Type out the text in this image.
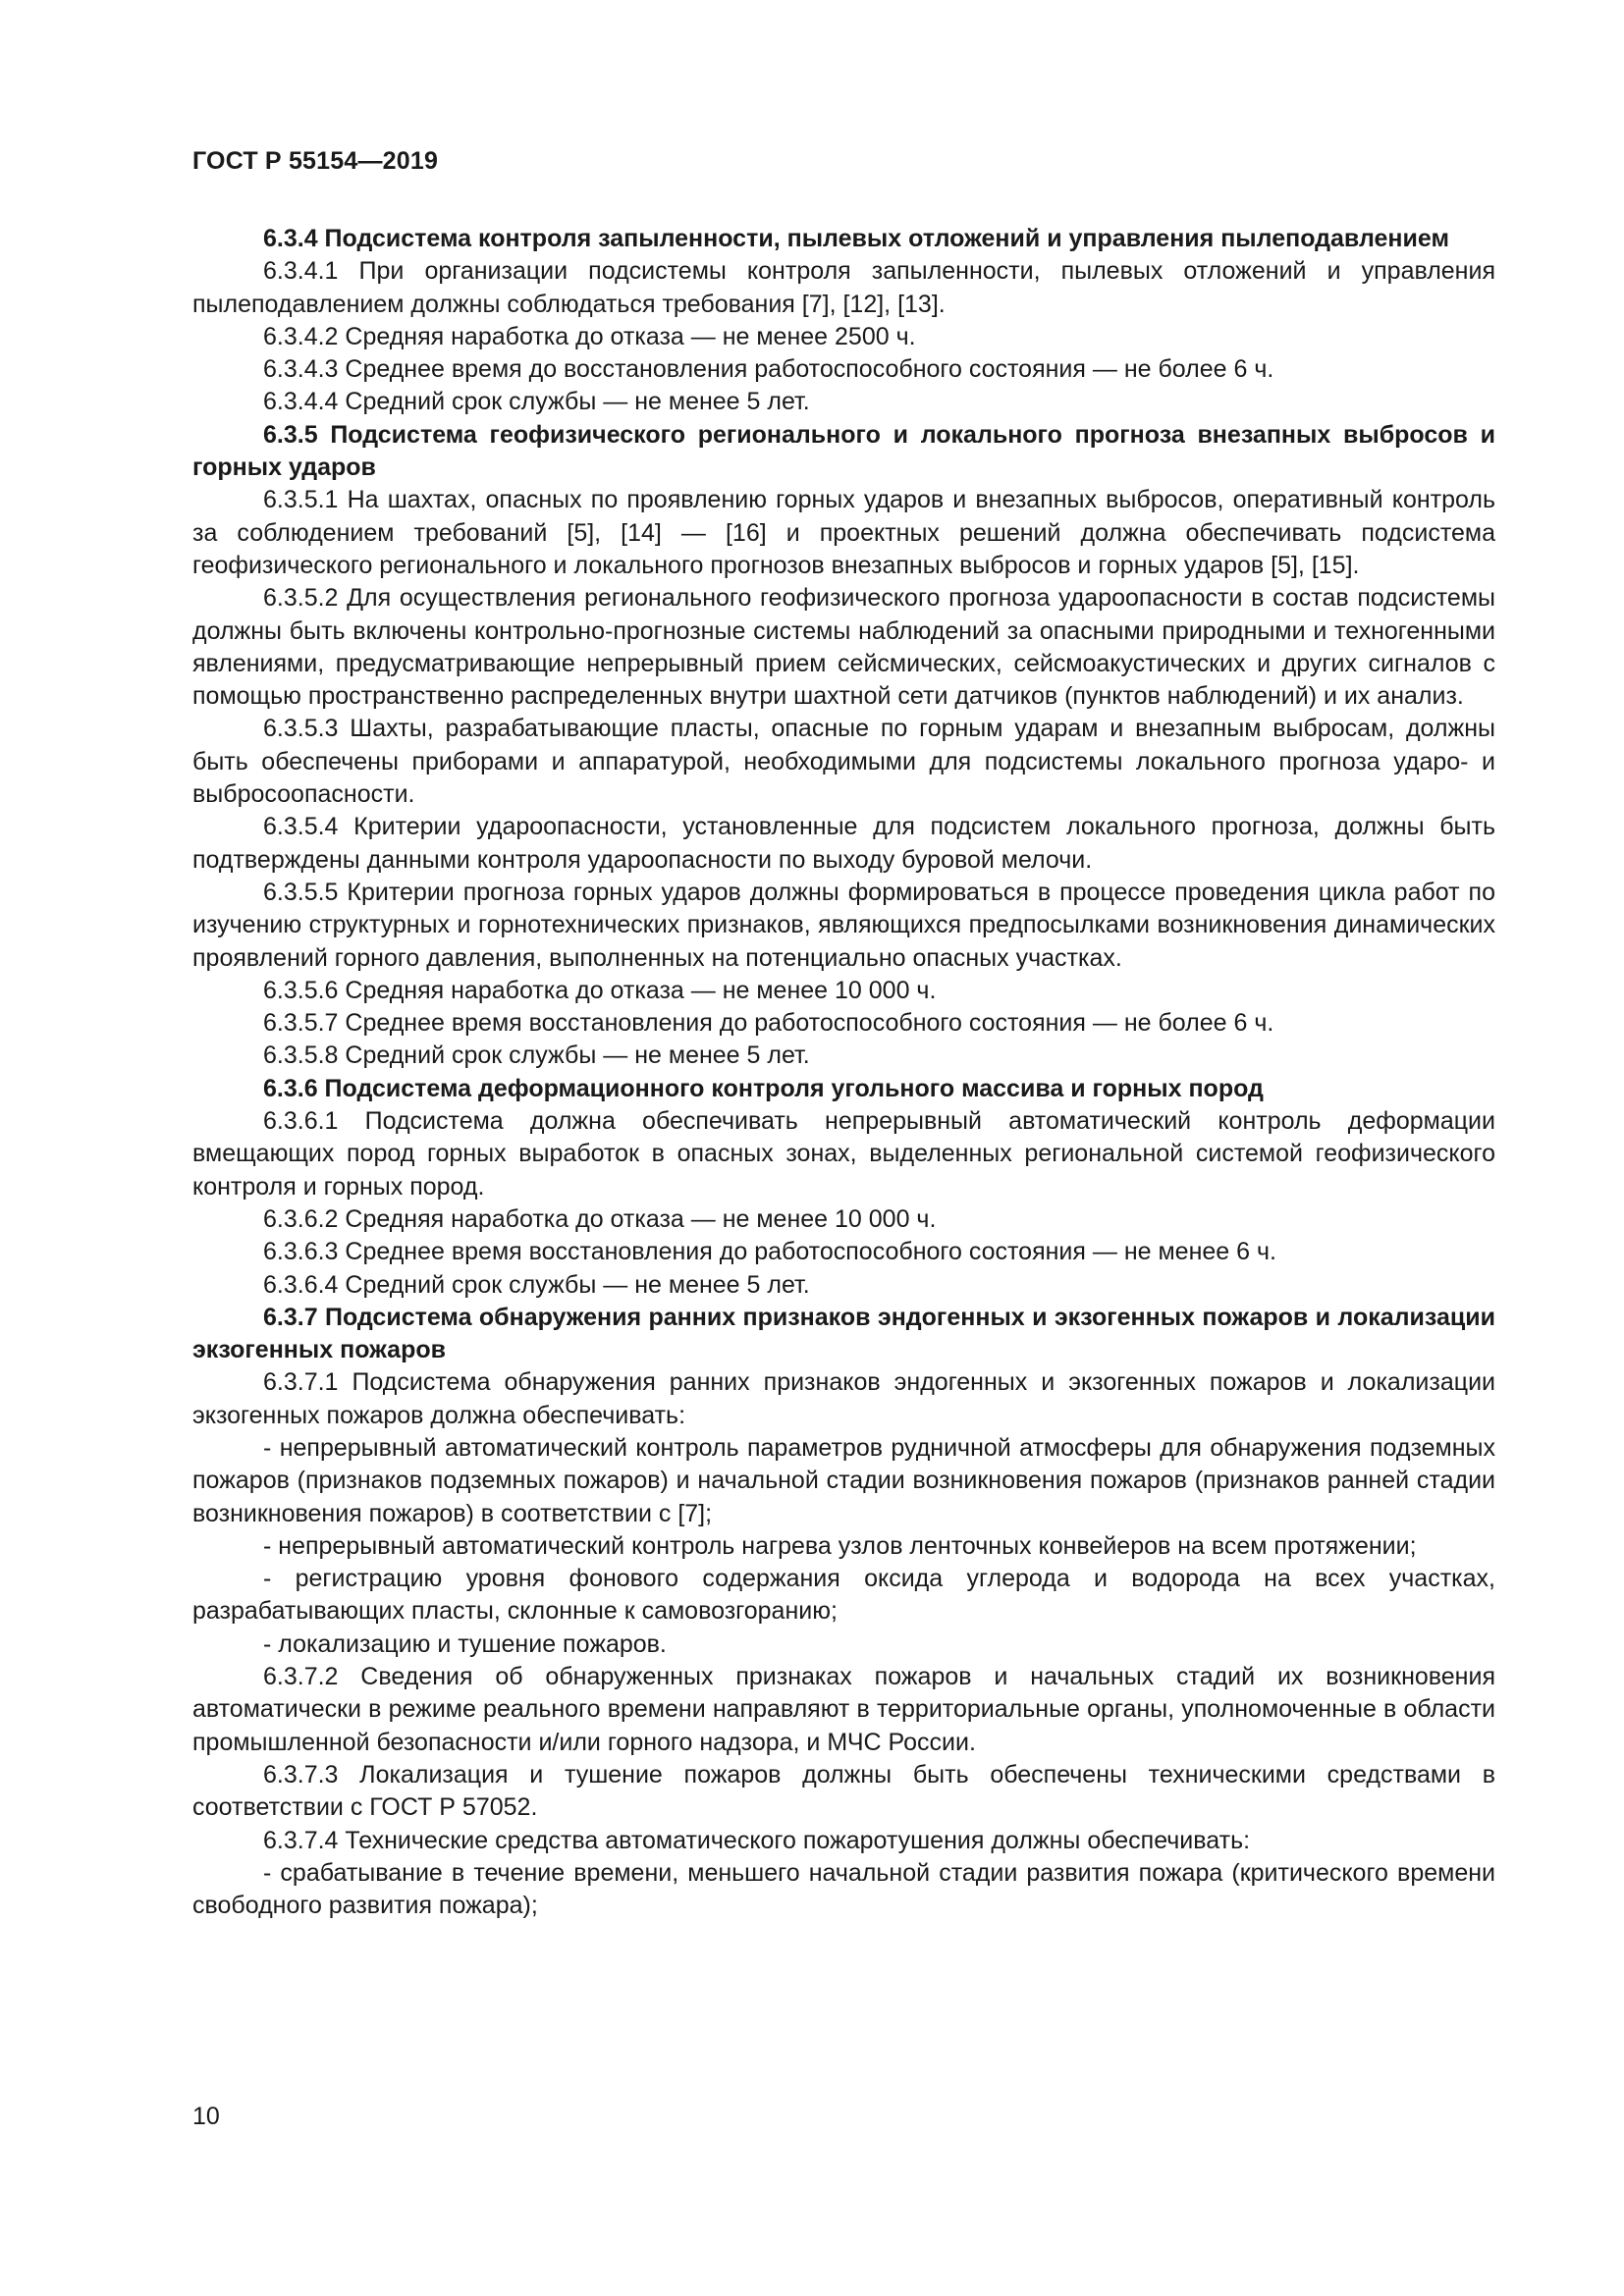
ГОСТ Р 55154—2019

6.3.4 Подсистема контроля запыленности, пылевых отложений и управления пылеподавлением

6.3.4.1 При организации подсистемы контроля запыленности, пылевых отложений и управления пылеподавлением должны соблюдаться требования [7], [12], [13].

6.3.4.2 Средняя наработка до отказа — не менее 2500 ч.

6.3.4.3 Среднее время до восстановления работоспособного состояния — не более 6 ч.

6.3.4.4 Средний срок службы — не менее 5 лет.

6.3.5 Подсистема геофизического регионального и локального прогноза внезапных выбросов и горных ударов

6.3.5.1 На шахтах, опасных по проявлению горных ударов и внезапных выбросов, оперативный контроль за соблюдением требований [5], [14] — [16] и проектных решений должна обеспечивать подсистема геофизического регионального и локального прогнозов внезапных выбросов и горных ударов [5], [15].

6.3.5.2 Для осуществления регионального геофизического прогноза удароопасности в состав подсистемы должны быть включены контрольно-прогнозные системы наблюдений за опасными природными и техногенными явлениями, предусматривающие непрерывный прием сейсмических, сейсмоакустических и других сигналов с помощью пространственно распределенных внутри шахтной сети датчиков (пунктов наблюдений) и их анализ.

6.3.5.3 Шахты, разрабатывающие пласты, опасные по горным ударам и внезапным выбросам, должны быть обеспечены приборами и аппаратурой, необходимыми для подсистемы локального прогноза ударо- и выбросоопасности.

6.3.5.4 Критерии удароопасности, установленные для подсистем локального прогноза, должны быть подтверждены данными контроля удароопасности по выходу буровой мелочи.

6.3.5.5 Критерии прогноза горных ударов должны формироваться в процессе проведения цикла работ по изучению структурных и горнотехнических признаков, являющихся предпосылками возникновения динамических проявлений горного давления, выполненных на потенциально опасных участках.

6.3.5.6 Средняя наработка до отказа — не менее 10 000 ч.

6.3.5.7 Среднее время восстановления до работоспособного состояния — не более 6 ч.

6.3.5.8 Средний срок службы — не менее 5 лет.

6.3.6 Подсистема деформационного контроля угольного массива и горных пород

6.3.6.1 Подсистема должна обеспечивать непрерывный автоматический контроль деформации вмещающих пород горных выработок в опасных зонах, выделенных региональной системой геофизического контроля и горных пород.

6.3.6.2 Средняя наработка до отказа — не менее 10 000 ч.

6.3.6.3 Среднее время восстановления до работоспособного состояния — не менее 6 ч.

6.3.6.4 Средний срок службы — не менее 5 лет.

6.3.7 Подсистема обнаружения ранних признаков эндогенных и экзогенных пожаров и локализации экзогенных пожаров

6.3.7.1 Подсистема обнаружения ранних признаков эндогенных и экзогенных пожаров и локализации экзогенных пожаров должна обеспечивать:

- непрерывный автоматический контроль параметров рудничной атмосферы для обнаружения подземных пожаров (признаков подземных пожаров) и начальной стадии возникновения пожаров (признаков ранней стадии возникновения пожаров) в соответствии с [7];

- непрерывный автоматический контроль нагрева узлов ленточных конвейеров на всем протяжении;

- регистрацию уровня фонового содержания оксида углерода и водорода на всех участках, разрабатывающих пласты, склонные к самовозгоранию;

- локализацию и тушение пожаров.

6.3.7.2 Сведения об обнаруженных признаках пожаров и начальных стадий их возникновения автоматически в режиме реального времени направляют в территориальные органы, уполномоченные в области промышленной безопасности и/или горного надзора, и МЧС России.

6.3.7.3 Локализация и тушение пожаров должны быть обеспечены техническими средствами в соответствии с ГОСТ Р 57052.

6.3.7.4 Технические средства автоматического пожаротушения должны обеспечивать:

- срабатывание в течение времени, меньшего начальной стадии развития пожара (критического времени свободного развития пожара);

10
